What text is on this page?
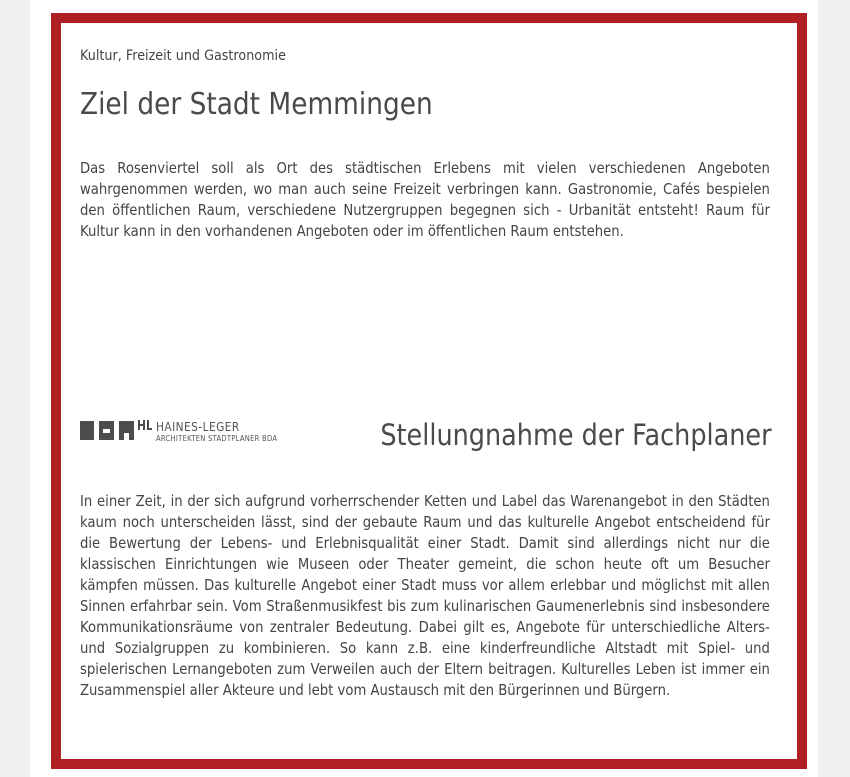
Kultur, Freizeit und Gastronomie
Ziel der Stadt Memmingen

Das Rosenviertel soll als Ort des städtischen Erlebens mit vielen verschiedenen Angeboten wahrgenommen werden, wo man auch seine Freizeit verbringen kann. Gastronomie, Cafés bespielen den öffentlichen Raum, verschiedene Nutzergruppen begegnen sich - Urbanität entsteht! Raum für Kultur kann in den vorhandenen Angeboten oder im öffentlichen Raum entstehen.

HAINES-LEGER
ARCHITEKTEN STADTPLANER BDA	Stellungnahme der Fachplaner

In einer Zeit, in der sich aufgrund vorherrschender Ketten und Label das Warenangebot in den Städten kaum noch unterscheiden lässt, sind der gebaute Raum und das kulturelle Angebot entscheidend für die Bewertung der Lebens- und Erlebnisqualität einer Stadt. Damit sind allerdings nicht nur die klassischen Einrichtungen wie Museen oder Theater gemeint, die schon heute oft um Besucher kämpfen müssen. Das kulturelle Angebot einer Stadt muss vor allem erlebbar und möglichst mit allen Sinnen erfahrbar sein. Vom Straßenmusikfest bis zum kulinarischen Gaumenerlebnis sind insbesondere Kommunikationsräume von zentraler Bedeutung. Dabei gilt es, Angebote für unterschiedliche Alters- und Sozialgruppen zu kombinieren. So kann z.B. eine kinderfreundliche Altstadt mit Spiel- und spielerischen Lernangeboten zum Verweilen auch der Eltern beitragen. Kulturelles Leben ist immer ein Zusammenspiel aller Akteure und lebt vom Austausch mit den Bürgerinnen und Bürgern.
